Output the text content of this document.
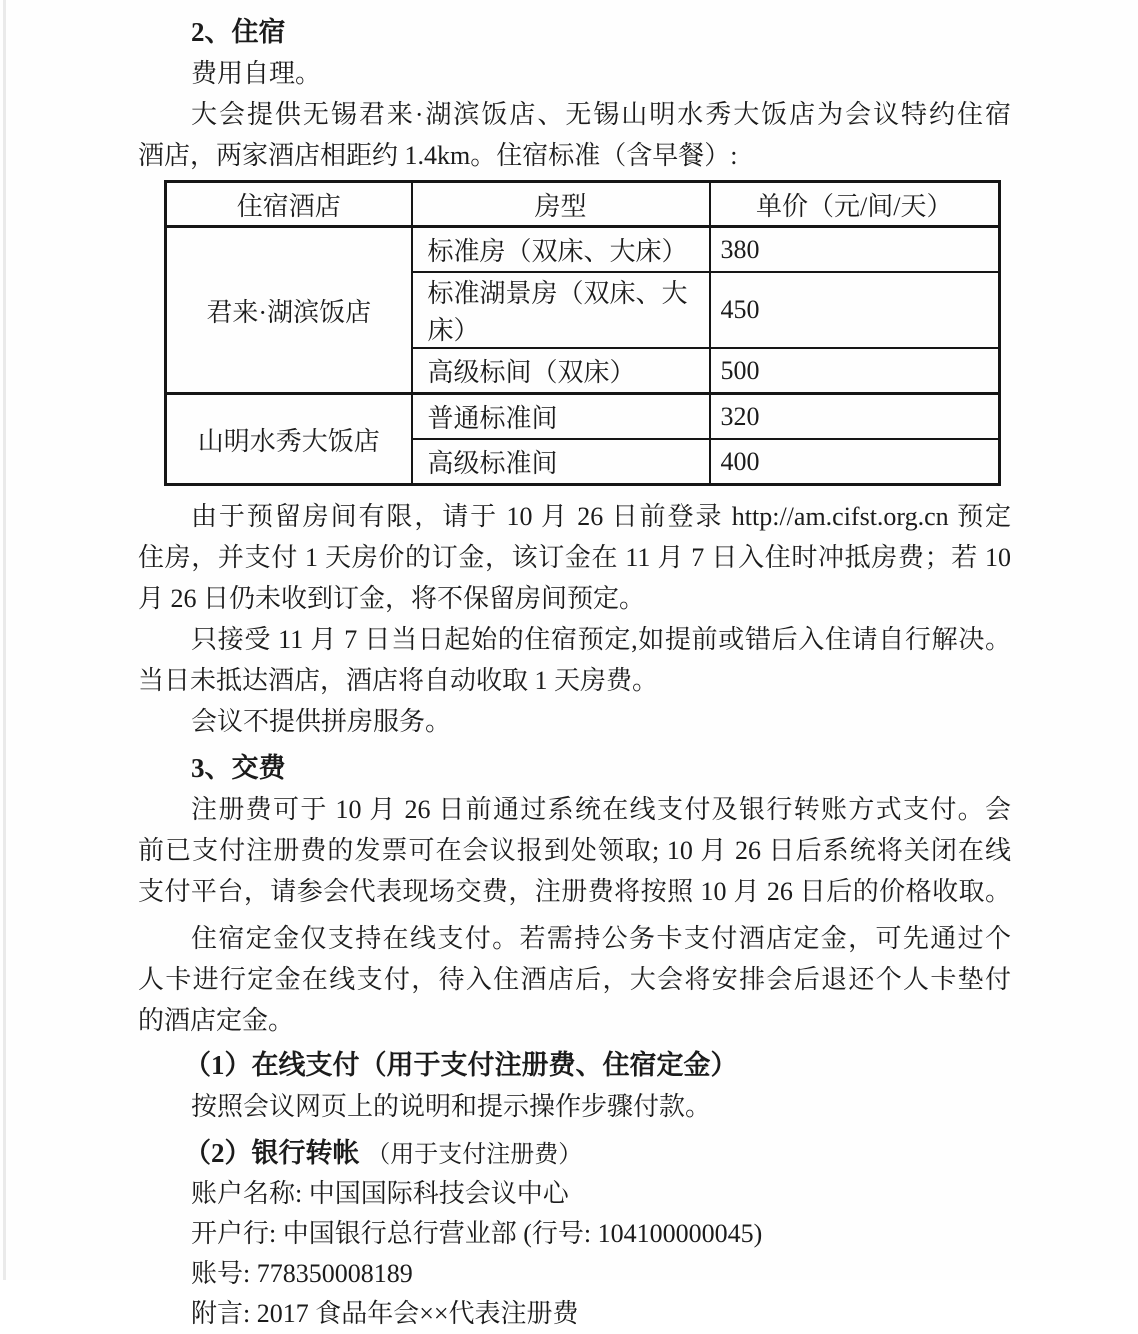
2、住宿
费用自理。
大会提供无锡君来·湖滨饭店、无锡山明水秀大饭店为会议特约住宿
酒店，两家酒店相距约 1.4km。住宿标准（含早餐）:
住宿酒店	房型	单价（元/间/天）
君来·湖滨饭店	标准房（双床、大床）	380
	标准湖景房（双床、大床）	450
	高级标间（双床）	500
山明水秀大饭店	普通标准间	320
	高级标准间	400
由于预留房间有限，请于 10 月 26 日前登录 http://am.cifst.org.cn 预定
住房，并支付 1 天房价的订金，该订金在 11 月 7 日入住时冲抵房费；若 10
月 26 日仍未收到订金，将不保留房间预定。
只接受 11 月 7 日当日起始的住宿预定,如提前或错后入住请自行解决。
当日未抵达酒店，酒店将自动收取 1 天房费。
会议不提供拼房服务。
3、交费
注册费可于 10 月 26 日前通过系统在线支付及银行转账方式支付。会
前已支付注册费的发票可在会议报到处领取; 10 月 26 日后系统将关闭在线
支付平台，请参会代表现场交费，注册费将按照 10 月 26 日后的价格收取。
住宿定金仅支持在线支付。若需持公务卡支付酒店定金，可先通过个
人卡进行定金在线支付，待入住酒店后，大会将安排会后退还个人卡垫付
的酒店定金。
（1）在线支付（用于支付注册费、住宿定金）
按照会议网页上的说明和提示操作步骤付款。
（2）银行转帐 （用于支付注册费）
账户名称: 中国国际科技会议中心
开户行: 中国银行总行营业部 (行号: 104100000045)
账号: 778350008189
附言: 2017 食品年会××代表注册费
